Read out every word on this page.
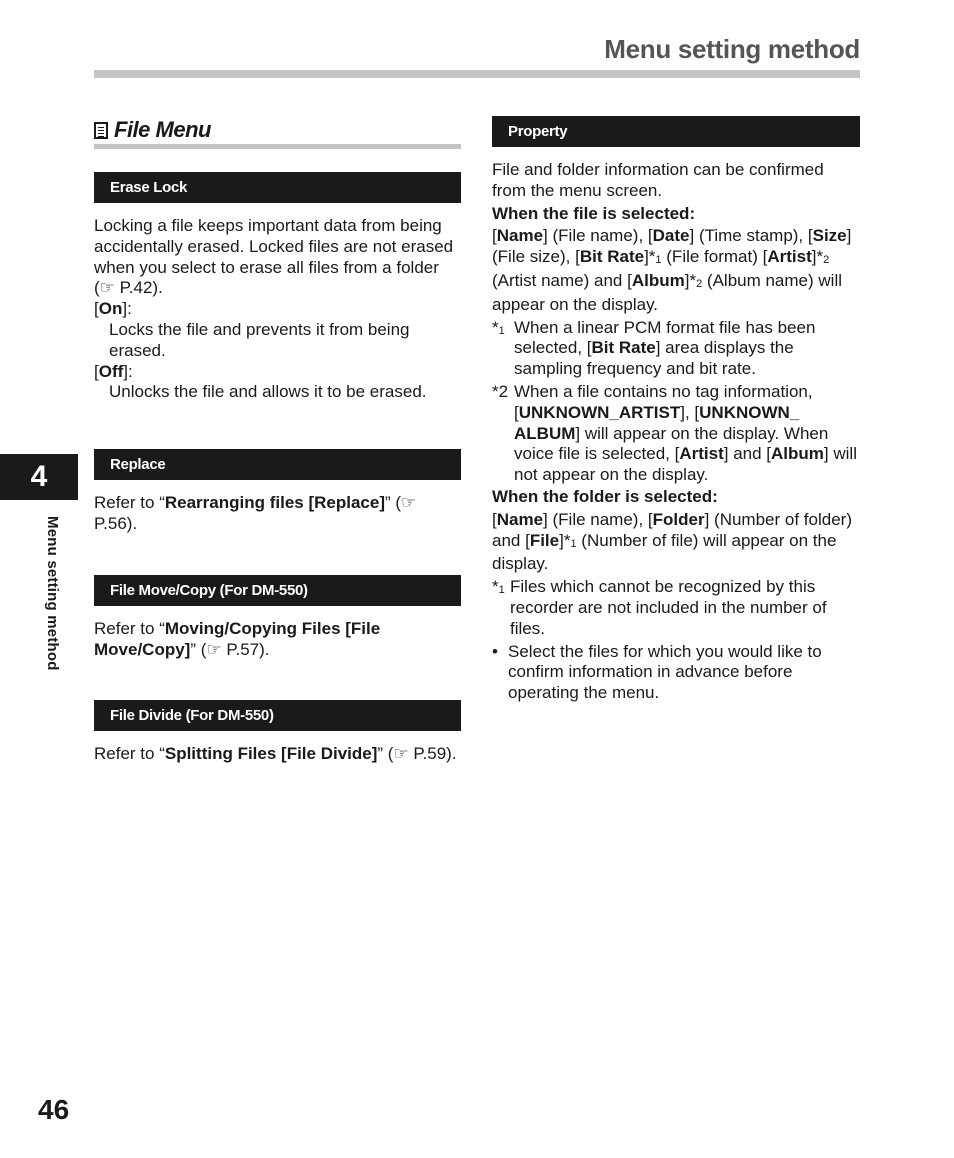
Menu setting method
File Menu
Erase Lock

Locking a file keeps important data from being accidentally erased. Locked files are not erased when you select to erase all files from a folder (☞ P.42).

[On]:

Locks the file and prevents it from being erased.

[Off]:

Unlocks the file and allows it to be erased.

Replace

Refer to “Rearranging files [Replace]” (☞ P.56).

File Move/Copy (For DM-550)

Refer to “Moving/Copying Files [File Move/Copy]” (☞ P.57).

File Divide (For DM-550)

Refer to “Splitting Files [File Divide]” (☞ P.59).

Property

File and folder information can be confirmed from the menu screen.

When the file is selected:

[Name] (File name), [Date] (Time stamp), [Size] (File size), [Bit $Rate]*_1$ (File format) $[Artist]*_2$ (Artist name) and $[Album]*_2$ (Album name) will appear on the display.

$*_1$ When a linear PCM format file has been selected, [Bit Rate] area displays the sampling frequency and bit rate.
*2 When a file contains no tag information, [UNKNOWN_ARTIST], [UNKNOWN_ ALBUM] will appear on the display. When voice file is selected, [Artist] and [Album] will not appear on the display.

When the folder is selected:

[Name] (File name), [Folder] (Number of folder) and $[File]*_1$ (Number of file) will appear on the display.

$*_1$ Files which cannot be recognized by this recorder are not included in the number of files.
• Select the files for which you would like to confirm information in advance before operating the menu.
4
Menu setting method
46
